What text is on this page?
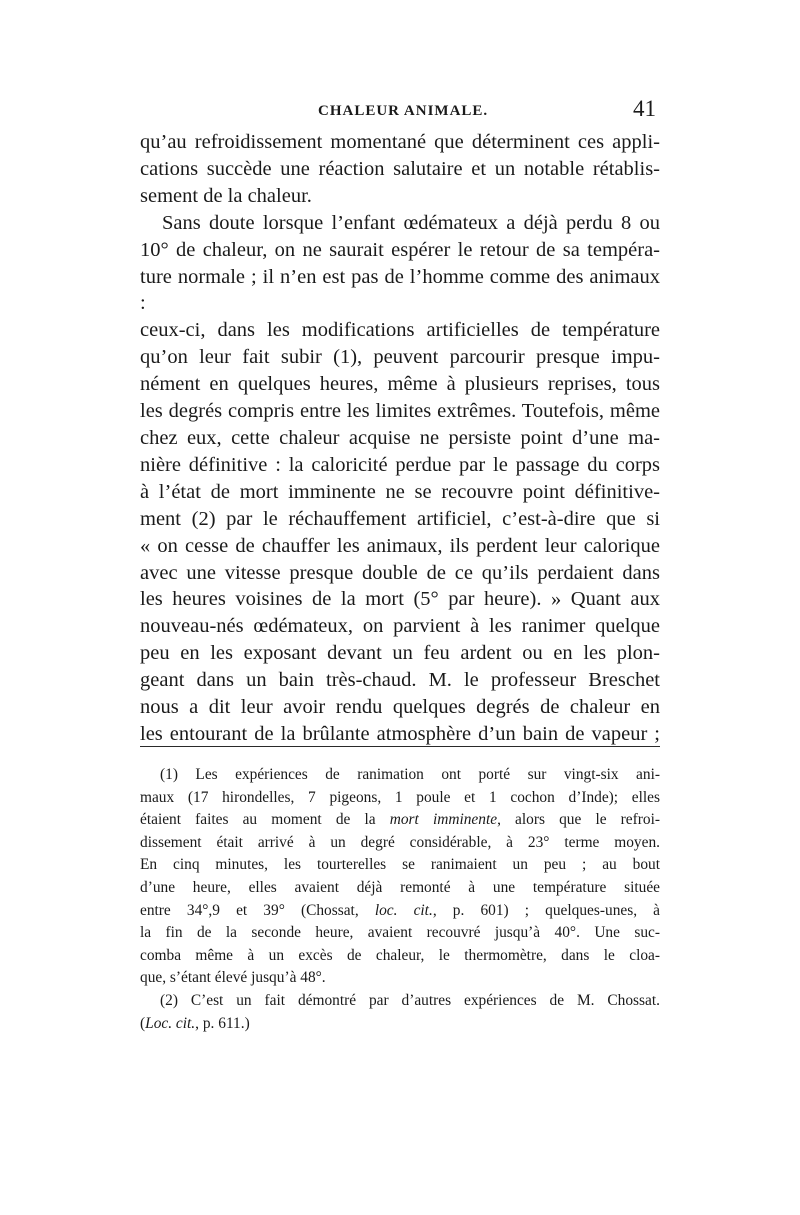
CHALEUR ANIMALE.	41

qu’au refroidissement momentané que déterminent ces appli-

cations succède une réaction salutaire et un notable rétablis-

sement de la chaleur.

Sans doute lorsque l’enfant œdémateux a déjà perdu 8 ou

10° de chaleur, on ne saurait espérer le retour de sa tempéra-

ture normale ; il n’en est pas de l’homme comme des animaux :

ceux-ci, dans les modifications artificielles de température

qu’on leur fait subir (1), peuvent parcourir presque impu-

nément en quelques heures, même à plusieurs reprises, tous

les degrés compris entre les limites extrêmes. Toutefois, même

chez eux, cette chaleur acquise ne persiste point d’une ma-

nière définitive : la caloricité perdue par le passage du corps

à l’état de mort imminente ne se recouvre point définitive-

ment (2) par le réchauffement artificiel, c’est-à-dire que si

« on cesse de chauffer les animaux, ils perdent leur calorique

avec une vitesse presque double de ce qu’ils perdaient dans

les heures voisines de la mort (5° par heure). » Quant aux

nouveau-nés œdémateux, on parvient à les ranimer quelque

peu en les exposant devant un feu ardent ou en les plon-

geant dans un bain très-chaud. M. le professeur Breschet

nous a dit leur avoir rendu quelques degrés de chaleur en

les entourant de la brûlante atmosphère d’un bain de vapeur ;

(1) Les expériences de ranimation ont porté sur vingt-six ani-

maux (17 hirondelles, 7 pigeons, 1 poule et 1 cochon d’Inde); elles

étaient faites au moment de la mort imminente, alors que le refroi-

dissement était arrivé à un degré considérable, à 23° terme moyen.

En cinq minutes, les tourterelles se ranimaient un peu ; au bout

d’une heure, elles avaient déjà remonté à une température située

entre 34°,9 et 39° (Chossat, loc. cit., p. 601) ; quelques-unes, à

la fin de la seconde heure, avaient recouvré jusqu’à 40°. Une suc-

comba même à un excès de chaleur, le thermomètre, dans le cloa-

que, s’étant élevé jusqu’à 48°.

(2) C’est un fait démontré par d’autres expériences de M. Chossat.

(Loc. cit., p. 611.)
